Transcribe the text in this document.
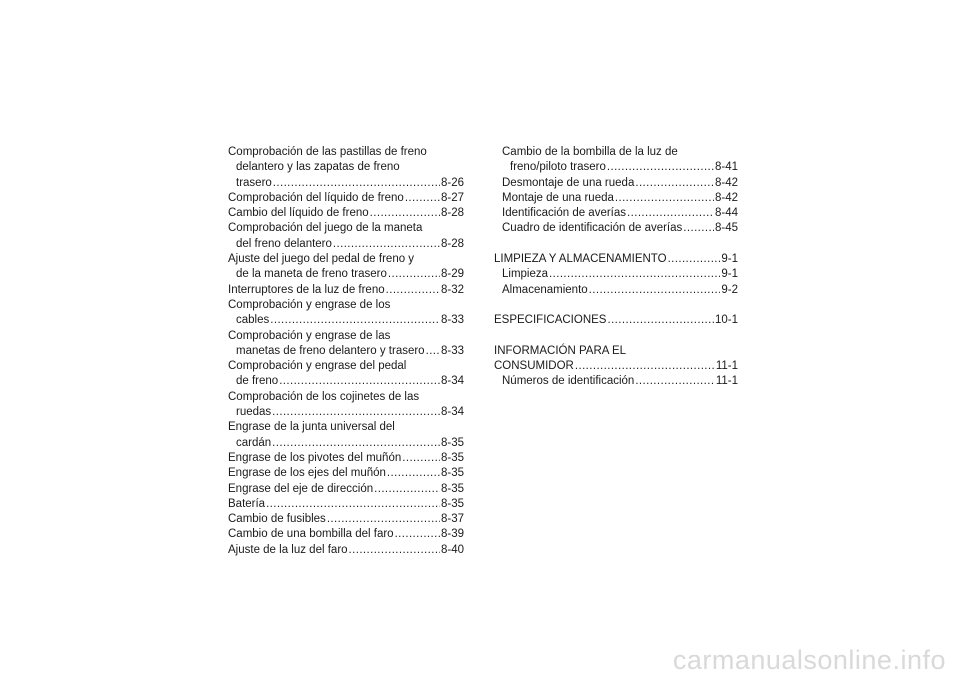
Comprobación de las pastillas de freno
delantero y las zapatas de freno
trasero .....	8-26
Comprobación del líquido de freno .....	8-27
Cambio del líquido de freno .....	8-28
Comprobación del juego de la maneta
del freno delantero .....	8-28
Ajuste del juego del pedal de freno y
de la maneta de freno trasero .....	8-29
Interruptores de la luz de freno .....	8-32
Comprobación y engrase de los
cables .....	8-33
Comprobación y engrase de las
manetas de freno delantero y trasero ..... 8-33
Comprobación y engrase del pedal
de freno .....	8-34
Comprobación de los cojinetes de las
ruedas .....	8-34
Engrase de la junta universal del
cardán .....	8-35
Engrase de los pivotes del muñón .....	8-35
Engrase de los ejes del muñón .....	8-35
Engrase del eje de dirección .....	8-35
Batería .....	8-35
Cambio de fusibles .....	8-37
Cambio de una bombilla del faro .....	8-39
Ajuste de la luz del faro .....	8-40
Cambio de la bombilla de la luz de
freno/piloto trasero .....	8-41
Desmontaje de una rueda .....	8-42
Montaje de una rueda .....	8-42
Identificación de averías .....	8-44
Cuadro de identificación de averías .....	8-45
LIMPIEZA Y ALMACENAMIENTO .....	9-1
Limpieza .....	9-1
Almacenamiento .....	9-2
ESPECIFICACIONES .....	10-1
INFORMACIÓN PARA EL
CONSUMIDOR .....	11-1
Números de identificación .....	11-1
carmanualsonline.info
